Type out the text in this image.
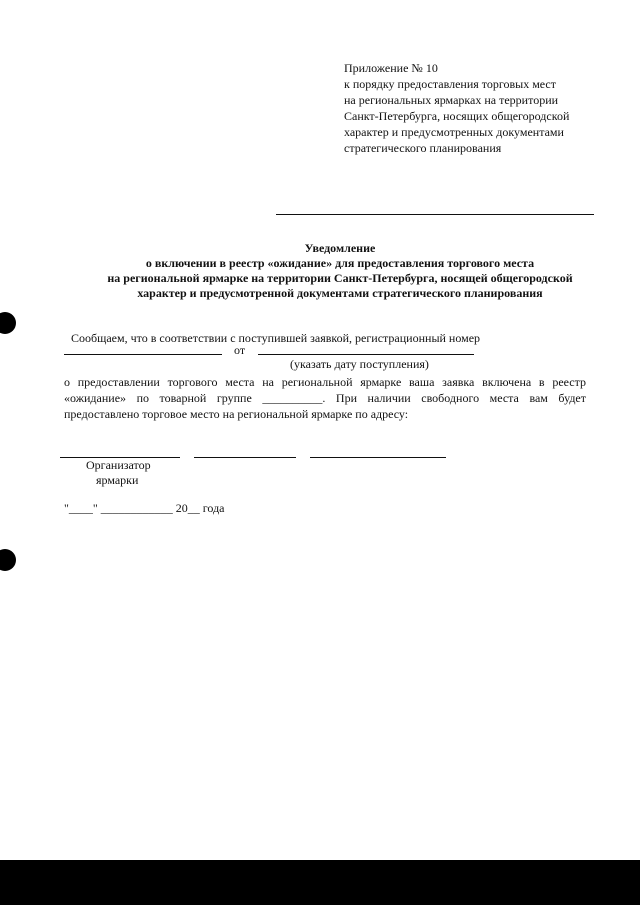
Приложение № 10
к порядку предоставления торговых мест
на региональных ярмарках на территории
Санкт-Петербурга, носящих общегородской
характер и предусмотренных документами
стратегического планирования
Уведомление
о включении в реестр «ожидание» для предоставления торгового места
на региональной ярмарке на территории Санкт-Петербурга, носящей общегородской
характер и предусмотренной документами стратегического планирования
Сообщаем, что в соответствии с поступившей заявкой, регистрационный номер
от
(указать дату поступления)
о предоставлении торгового места на региональной ярмарке ваша заявка включена в реестр
«ожидание» по товарной группе __________. При наличии свободного места вам будет
предоставлено торговое место на региональной ярмарке по адресу:
Организатор
ярмарки
"____" ____________ 20__ года
